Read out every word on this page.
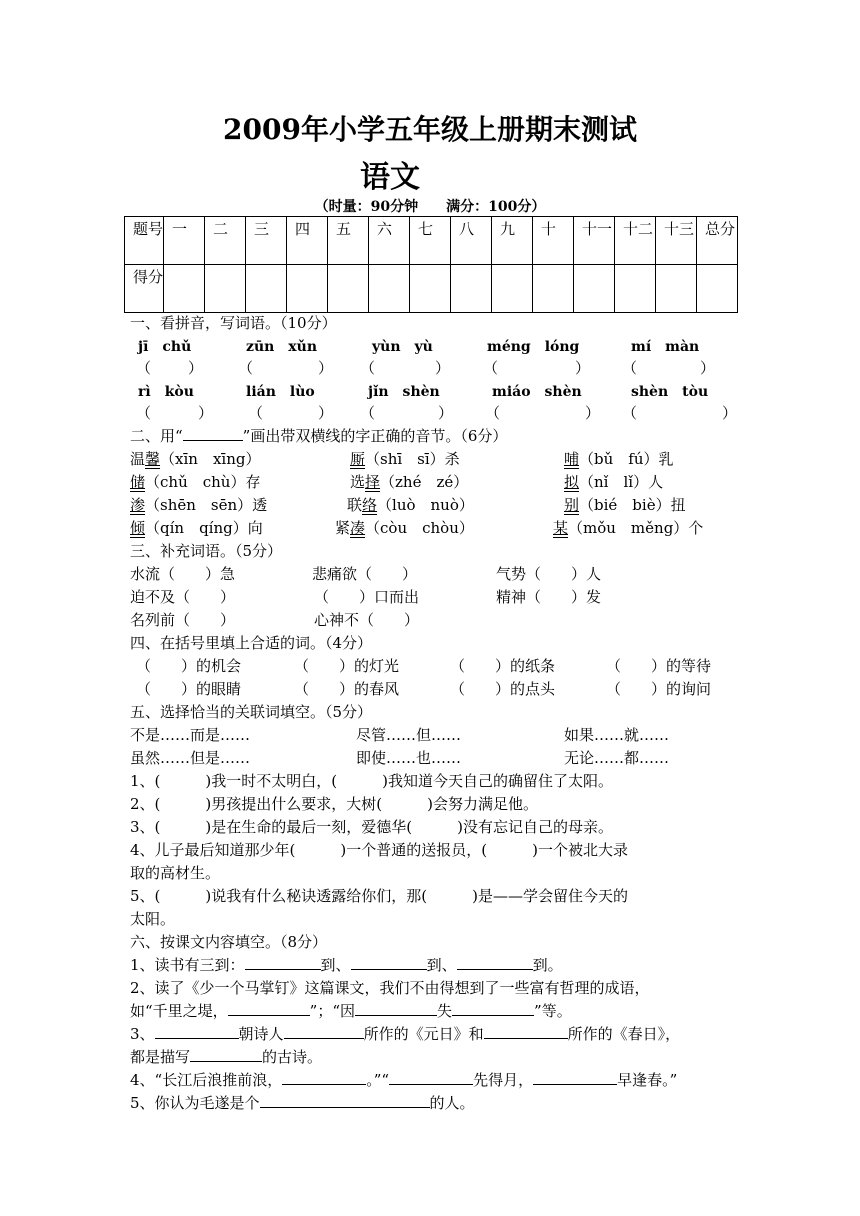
2009年小学五年级上册期末测试
语文
（时量：90分钟　　满分：100分）
题号	一	二	三	四	五	六	七	八	九	十	十一	十二	十三	总分
得分														
一、看拼音，写词语。（10分）
jī　chǔ	zūn　xǔn	yùn　yù	méng　lóng	mí　màn
（ ） （	） （	） （	） （	）
rì　kòu	lián　lùo	jǐn　shèn	miáo　shèn	shèn　tòu
（	） （	） （	） （	） （	）
二、用“	”画出带双横线的字正确的音节。（6分）
温馨（xīn　xīng）	厮（shī　sī）杀	哺（bǔ　fú）乳
储（chǔ　chù）存	选择（zhé　zé）	拟（nǐ　lǐ）人
渗（shēn　sēn）透	联络（luò　nuò）	别（bié　biè）扭
倾（qín　qíng）向	紧凑（còu　chòu）	某（mǒu　měng）个
三、补充词语。（5分）
水流（　　）急	悲痛欲（　　）	气势（　　）人
迫不及（　　）	（　　）口而出	精神（　　）发
名列前（　　）	心神不（　　）
四、在括号里填上合适的词。（4分）
（　　）的机会	（　　）的灯光	（　　）的纸条	（　　）的等待
（　　）的眼睛	（　　）的春风	（　　）的点头	（　　）的询问
五、选择恰当的关联词填空。（5分）
不是……而是……	尽管……但……	如果……就……
虽然……但是……	即使……也……	无论……都……
1、(　　　)我一时不太明白，(　　　)我知道今天自己的确留住了太阳。
2、(　　　)男孩提出什么要求，大树(　　　)会努力满足他。
3、(　　　)是在生命的最后一刻，爱德华(　　　)没有忘记自己的母亲。
4、儿子最后知道那少年(　　　)一个普通的送报员，(　　　)一个被北大录
取的高材生。
5、(　　　)说我有什么秘诀透露给你们，那(　　　)是——学会留住今天的
太阳。
六、按课文内容填空。（8分）
1、读书有三到：	到、	到、	到。
2、读了《少一个马掌钉》这篇课文，我们不由得想到了一些富有哲理的成语，
如“千里之堤，	”；“因	失	”等。
3、	朝诗人	所作的《元日》和	所作的《春日》，
都是描写	的古诗。
4、“长江后浪推前浪，	。”“	先得月，	早逢春。”
5、你认为毛遂是个	的人。
